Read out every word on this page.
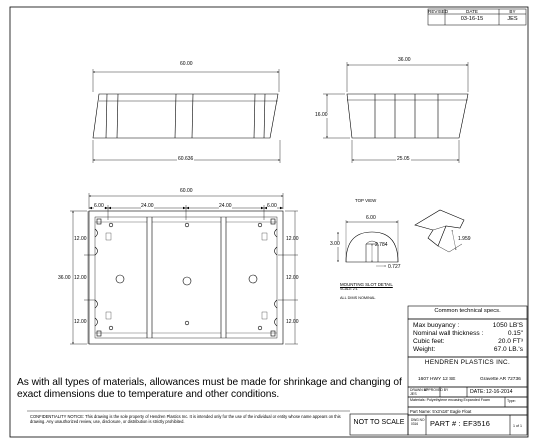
REVISED	DATE	BY
03-16-15	JES
60.00
60.636
36.00
16.00
25.05
60.00
6.00	24.00	24.00	6.00
36.00
12.00
12.00
12.00
12.00
12.00
12.00
TOP VIEW
6.00
3.00	2.784
0.727
1.959
MOUNTING SLOT DETAIL
SCALE 2:1
ALL DIMS NOMINAL
Common technical specs.
Max buoyancy :	1050 LB'S
Nominal wall thickness :	0.15"
Cubic feet:	20.0 FT³
Weight:	67.0 LB.'s
HENDREN PLASTICS INC.
1607 HWY 12 SE	Gravette AR 72736
DRAWN BY
APPROVED BY
JES	DATE: 12-16-2014
Materials: Polyethylene encasing Expanded Foam	Type:
Part Name: 5'x3'x16" Eagle Float
DWG NO 0316	PART # : EF3516	1 of 1
NOT TO SCALE
As with all types of materials, allowances must be made for shrinkage and changing of exact dimensions due to temperature and other conditions.
CONFIDENTIALITY NOTICE: This drawing is the sole property of Hendren Plastics Inc. It is intended only for the use of the individual or entity whose name appears on this drawing. Any unauthorized review, use, disclosure, or distribution is strictly prohibited.
